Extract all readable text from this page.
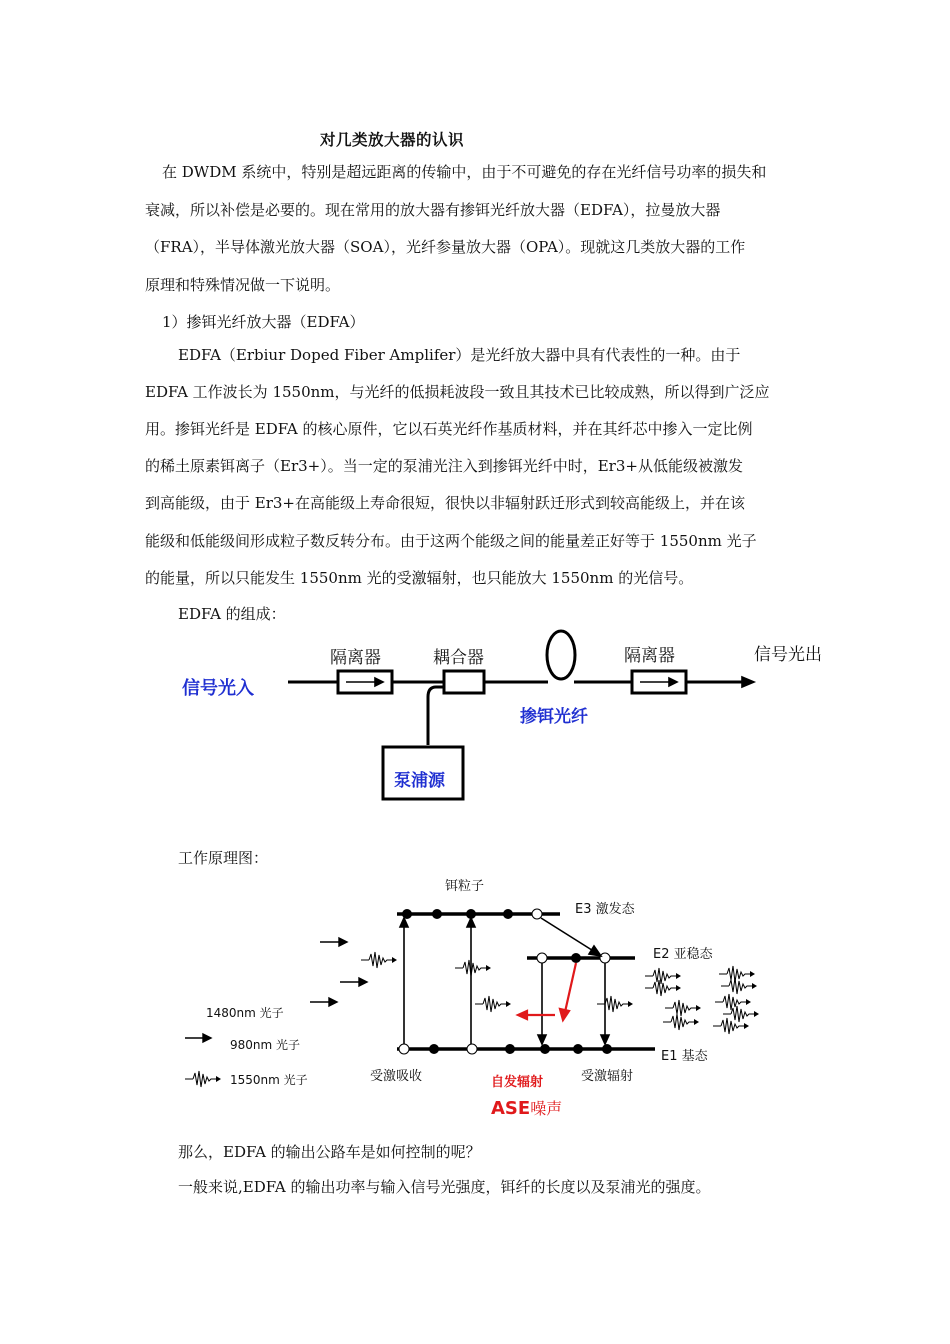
对几类放大器的认识
在 DWDM 系统中，特别是超远距离的传输中，由于不可避免的存在光纤信号功率的损失和
衰减，所以补偿是必要的。现在常用的放大器有掺铒光纤放大器（EDFA），拉曼放大器
（FRA），半导体激光放大器（SOA），光纤参量放大器（OPA）。现就这几类放大器的工作
原理和特殊情况做一下说明。
1）掺铒光纤放大器（EDFA）
EDFA（Erbiur Doped Fiber Amplifer）是光纤放大器中具有代表性的一种。由于
EDFA 工作波长为 1550nm，与光纤的低损耗波段一致且其技术已比较成熟，所以得到广泛应
用。掺铒光纤是 EDFA 的核心原件，它以石英光纤作基质材料，并在其纤芯中掺入一定比例
的稀土原素铒离子（Er3+）。当一定的泵浦光注入到掺铒光纤中时，Er3+从低能级被激发
到高能级，由于 Er3+在高能级上寿命很短，很快以非辐射跃迁形式到较高能级上，并在该
能级和低能级间形成粒子数反转分布。由于这两个能级之间的能量差正好等于 1550nm 光子
的能量，所以只能发生 1550nm 光的受激辐射，也只能放大 1550nm 的光信号。
EDFA 的组成：
信号光入
隔离器	耦合器	隔离器	信号光出
掺铒光纤
泵浦源
工作原理图：
铒粒子
E3 激发态
E2 亚稳态
E1 基态
1480nm 光子
980nm 光子
1550nm 光子	受激吸收	自发辐射	受激辐射
ASE噪声
那么，EDFA 的输出公路车是如何控制的呢？
一般来说,EDFA 的输出功率与输入信号光强度，铒纤的长度以及泵浦光的强度。
